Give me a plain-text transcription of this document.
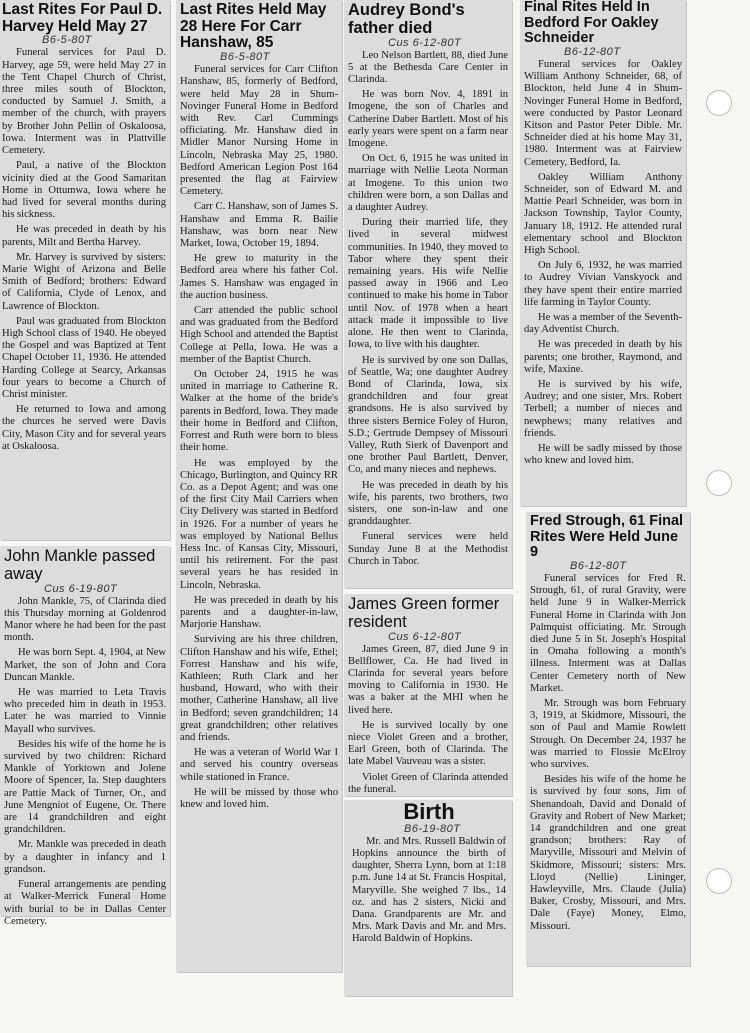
Last Rites For Paul D. Harvey Held May 27
B6-5-80T

Funeral services for Paul D. Harvey, age 59, were held May 27 in the Tent Chapel Church of Christ, three miles south of Blockton, conducted by Samuel J. Smith, a member of the church, with prayers by Brother John Pellin of Oskaloosa, Iowa. Interment was in Plattville Cemetery.

Paul, a native of the Blockton vicinity died at the Good Samaritan Home in Ottumwa, Iowa where he had lived for several months during his sickness.

He was preceded in death by his parents, Milt and Bertha Harvey.

Mr. Harvey is survived by sisters: Marie Wight of Arizona and Belle Smith of Bedford; brothers: Edward of California, Clyde of Lenox, and Lawrence of Blockton.

Paul was graduated from Blockton High School class of 1940. He obeyed the Gospel and was Baptized at Tent Chapel October 11, 1936. He attended Harding College at Searcy, Arkansas four years to become a Church of Christ minister.

He returned to Iowa and among the churces he served were Davis City, Mason City and for several years at Oskaloosa.

John Mankle passed away
Cus 6-19-80T

John Mankle, 75, of Clarinda died this Thursday morning at Goldenrod Manor where he had been for the past month.

He was born Sept. 4, 1904, at New Market, the son of John and Cora Duncan Mankle.

He was married to Leta Travis who preceded him in death in 1953. Later he was married to Vinnie Mayall who survives.

Besides his wife of the home he is survived by two children: Richard Mankle of Yorktown and Jolene Moore of Spencer, Ia. Step daughters are Pattie Mack of Turner, Or., and June Mengniot of Eugene, Or. There are 14 grandchildren and eight grandchildren.

Mr. Mankle was preceded in death by a daughter in infancy and 1 grandson.

Funeral arrangements are pending at Walker-Merrick Funeral Home with burial to be in Dallas Center Cemetery.

Last Rites Held May 28 Here For Carr Hanshaw, 85
B6-5-80T

Funeral services for Carr Clifton Hanshaw, 85, formerly of Bedford, were held May 28 in Shum-Novinger Funeral Home in Bedford with Rev. Carl Cummings officiating. Mr. Hanshaw died in Midler Manor Nursing Home in Lincoln, Nebraska May 25, 1980. Bedford American Legion Post 164 presented the flag at Fairview Cemetery.

Carr C. Hanshaw, son of James S. Hanshaw and Emma R. Bailie Hanshaw, was born near New Market, Iowa, October 19, 1894.

He grew to maturity in the Bedford area where his father Col. James S. Hanshaw was engaged in the auction business.

Carr attended the public school and was graduated from the Bedford High School and attended the Baptist College at Pella, Iowa. He was a member of the Baptist Church.

On October 24, 1915 he was united in marriage to Catherine R. Walker at the home of the bride's parents in Bedford, Iowa. They made their home in Bedford and Clifton, Forrest and Ruth were born to bless their home.

He was employed by the Chicago, Burlington, and Quincy RR Co. as a Depot Agent; and was one of the first City Mail Carriers when City Delivery was started in Bedford in 1926. For a number of years he was employed by National Bellus Hess Inc. of Kansas City, Missouri, until his retirement. For the past several years he has resided in Lincoln, Nebraska.

He was preceded in death by his parents and a daughter-in-law, Marjorie Hanshaw.

Surviving are his three children, Clifton Hanshaw and his wife, Ethel; Forrest Hanshaw and his wife, Kathleen; Ruth Clark and her husband, Howard, who with their mother, Catherine Hanshaw, all live in Bedford; seven grandchildren; 14 great grandchildren; other relatives and friends.

He was a veteran of World War I and served his country overseas while stationed in France.

He will be missed by those who knew and loved him.

Audrey Bond's father died
Cus 6-12-80T

Leo Nelson Bartlett, 88, died June 5 at the Bethesda Care Center in Clarinda.

He was born Nov. 4, 1891 in Imogene, the son of Charles and Catherine Daber Bartlett. Most of his early years were spent on a farm near Imogene.

On Oct. 6, 1915 he was united in marriage with Nellie Leota Norman at Imogene. To this union two children were born, a son Dallas and a daughter Audrey.

During their married life, they lived in several midwest communities. In 1940, they moved to Tabor where they spent their remaining years. His wife Nellie passed away in 1966 and Leo continued to make his home in Tabor until Nov. of 1978 when a heart attack made it impossible to live alone. He then went to Clarinda, Iowa, to live with his daughter.

He is survived by one son Dallas, of Seattle, Wa; one daughter Audrey Bond of Clarinda, Iowa, six grandchildren and four great grandsons. He is also survived by three sisters Bernice Foley of Huron, S.D.; Gertrude Dempsey of Missouri Valley, Ruth Sierk of Davenport and one brother Paul Bartlett, Denver, Co, and many nieces and nephews.

He was preceded in death by his wife, his parents, two brothers, two sisters, one son-in-law and one granddaughter.

Funeral services were held Sunday June 8 at the Methodist Church in Tabor.

James Green former resident
Cus 6-12-80T

James Green, 87, died June 9 in Bellflower, Ca. He had lived in Clarinda for several years before moving to California in 1930. He was a baker at the MHI when he lived here.

He is survived locally by one niece Violet Green and a brother, Earl Green, both of Clarinda. The late Mabel Vauveau was a sister.

Violet Green of Clarinda attended the funeral.

Birth
B6-19-80T

Mr. and Mrs. Russell Baldwin of Hopkins announce the birth of daughter, Sherra Lynn, born at 1:18 p.m. June 14 at St. Francis Hospital, Maryville. She weighed 7 lbs., 14 oz. and has 2 sisters, Nicki and Dana. Grandparents are Mr. and Mrs. Mark Davis and Mr. and Mrs. Harold Baldwin of Hopkins.

Final Rites Held In Bedford For Oakley Schneider
B6-12-80T

Funeral services for Oakley William Anthony Schneider, 68, of Blockton, held June 4 in Shum-Novinger Funeral Home in Bedford, were conducted by Pastor Leonard Kitson and Pastor Peter Dible. Mr. Schneider died at his home May 31, 1980. Interment was at Fairview Cemetery, Bedford, Ia.

Oakley William Anthony Schneider, son of Edward M. and Mattie Pearl Schneider, was born in Jackson Township, Taylor County, January 18, 1912. He attended rural elementary school and Blockton High School.

On July 6, 1932, he was married to Audrey Vivian Vanskyock and they have spent their entire married life farming in Taylor County.

He was a member of the Seventh-day Adventist Church.

He was preceded in death by his parents; one brother, Raymond, and wife, Maxine.

He is survived by his wife, Audrey; and one sister, Mrs. Robert Terbell; a number of nieces and newphews; many relatives and friends.

He will be sadly missed by those who knew and loved him.

Fred Strough, 61 Final Rites Were Held June 9
B6-12-80T

Funeral services for Fred R. Strough, 61, of rural Gravity, were held June 9 in Walker-Merrick Funeral Home in Clarinda with Jon Palmquist officiating. Mr. Strough died June 5 in St. Joseph's Hospital in Omaha following a month's illness. Interment was at Dallas Center Cemetery north of New Market.

Mr. Strough was born February 3, 1919, at Skidmore, Missouri, the son of Paul and Mamie Rowlett Strough. On December 24, 1937 he was married to Flossie McElroy who survives.

Besides his wife of the home he is survived by four sons, Jim of Shenandoah, David and Donald of Gravity and Robert of New Market; 14 grandchildren and one great grandson; brothers: Ray of Maryville, Missouri and Melvin of Skidmore, Missouri; sisters: Mrs. Lloyd (Nellie) Lininger, Hawleyville, Mrs. Claude (Julia) Baker, Crosby, Missouri, and Mrs. Dale (Faye) Money, Elmo, Missouri.
